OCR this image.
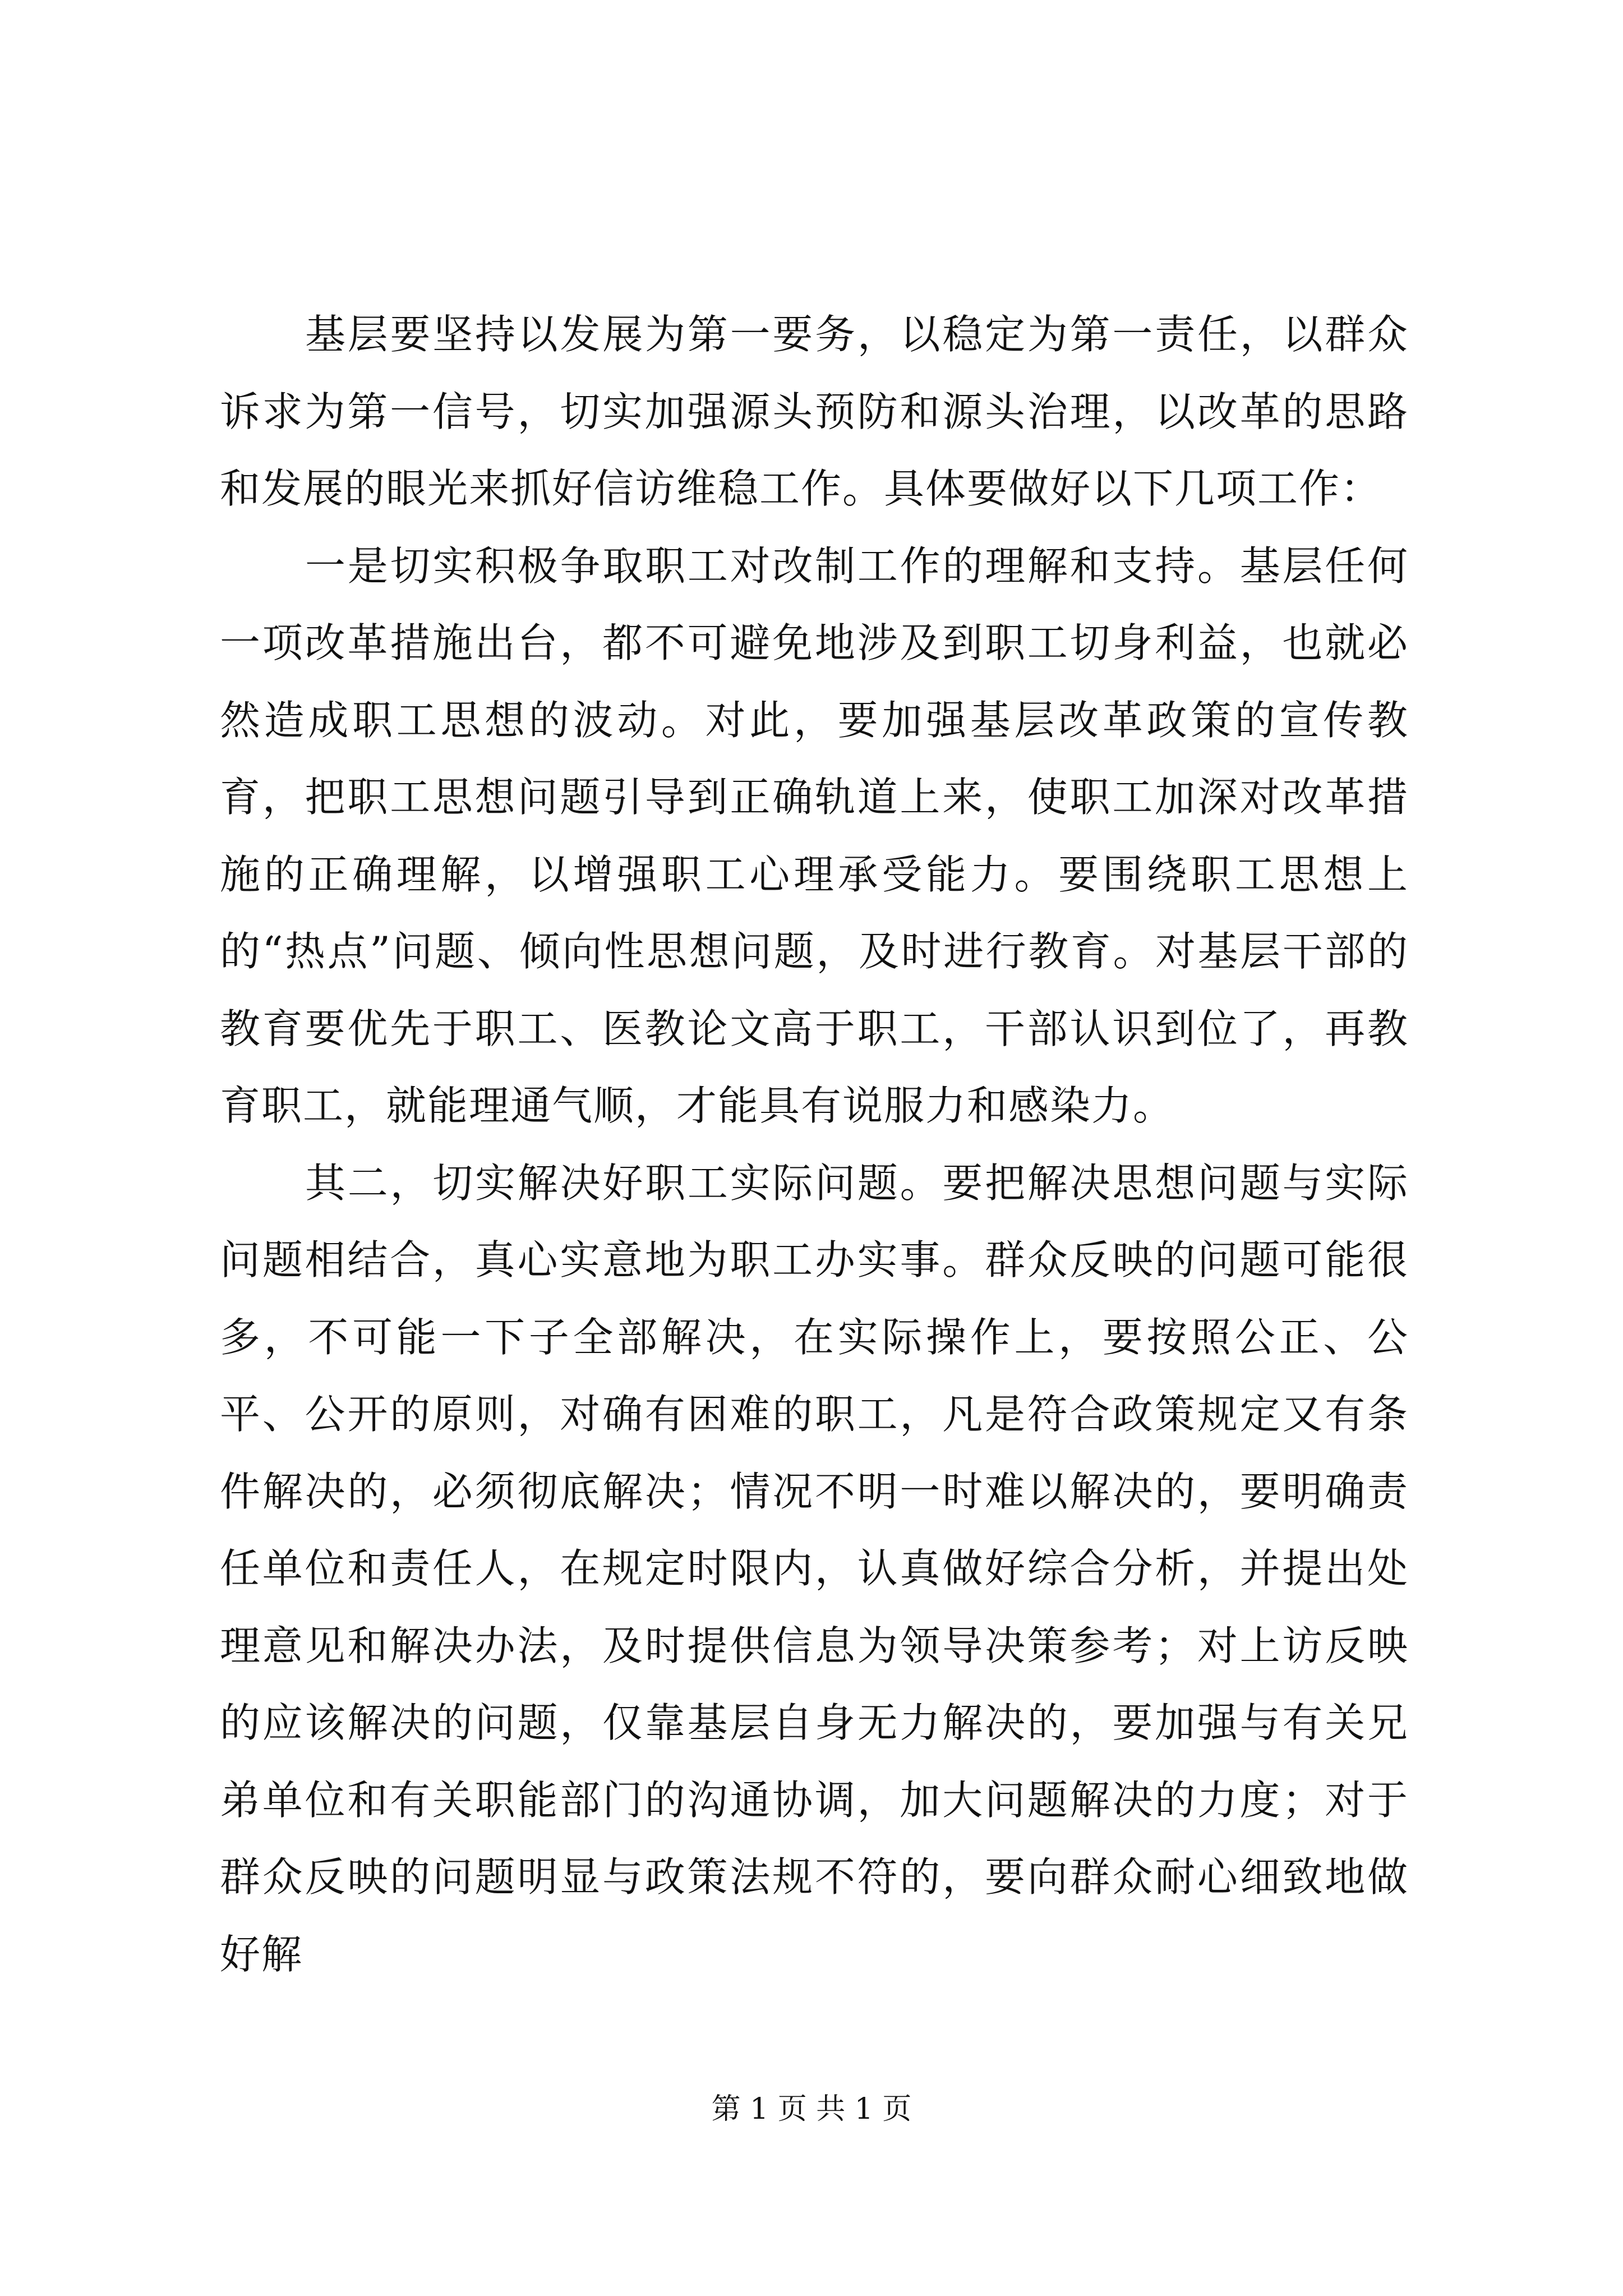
基层要坚持以发展为第一要务，以稳定为第一责任，以群众诉求为第一信号，切实加强源头预防和源头治理，以改革的思路和发展的眼光来抓好信访维稳工作。具体要做好以下几项工作：

一是切实积极争取职工对改制工作的理解和支持。基层任何一项改革措施出台，都不可避免地涉及到职工切身利益，也就必然造成职工思想的波动。对此，要加强基层改革政策的宣传教育，把职工思想问题引导到正确轨道上来，使职工加深对改革措施的正确理解，以增强职工心理承受能力。要围绕职工思想上的“热点”问题、倾向性思想问题，及时进行教育。对基层干部的教育要优先于职工、医教论文高于职工，干部认识到位了，再教育职工，就能理通气顺，才能具有说服力和感染力。

其二，切实解决好职工实际问题。要把解决思想问题与实际问题相结合，真心实意地为职工办实事。群众反映的问题可能很多，不可能一下子全部解决，在实际操作上，要按照公正、公平、公开的原则，对确有困难的职工，凡是符合政策规定又有条件解决的，必须彻底解决；情况不明一时难以解决的，要明确责任单位和责任人，在规定时限内，认真做好综合分析，并提出处理意见和解决办法，及时提供信息为领导决策参考；对上访反映的应该解决的问题，仅靠基层自身无力解决的，要加强与有关兄弟单位和有关职能部门的沟通协调，加大问题解决的力度；对于群众反映的问题明显与政策法规不符的，要向群众耐心细致地做好解

第 1 页 共 1 页
